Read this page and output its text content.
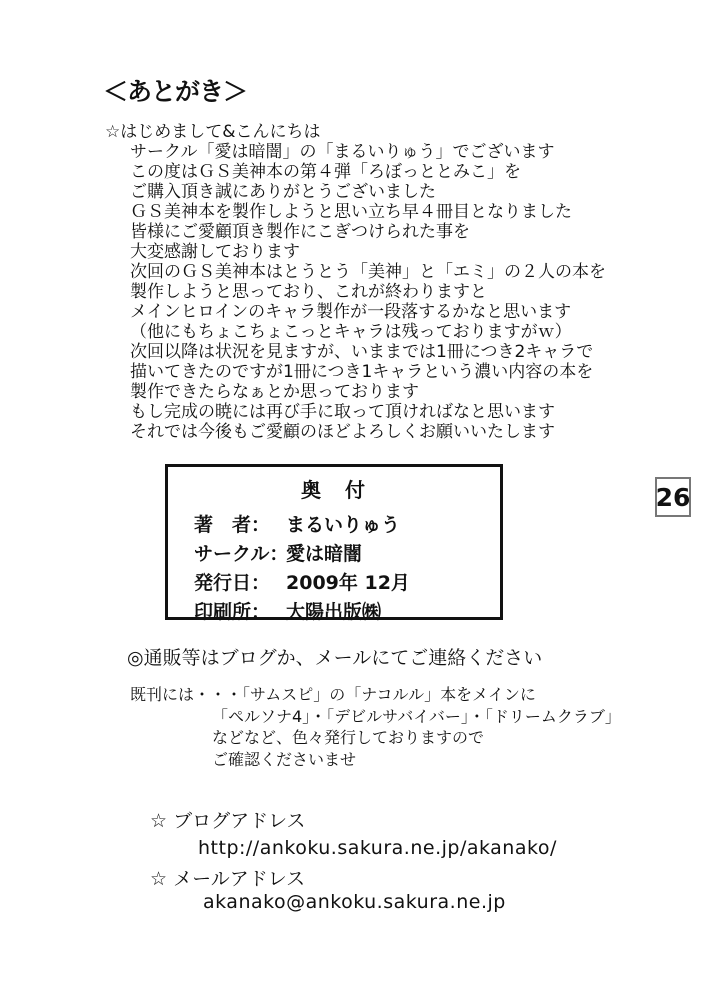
＜あとがき＞
☆はじめまして&こんにちは
サークル「愛は暗闇」の「まるいりゅう」でございます
この度はＧＳ美神本の第４弾「ろぼっととみこ」を
ご購入頂き誠にありがとうございました
ＧＳ美神本を製作しようと思い立ち早４冊目となりました
皆様にご愛顧頂き製作にこぎつけられた事を
大変感謝しております
次回のＧＳ美神本はとうとう「美神」と「エミ」の２人の本を
製作しようと思っており、これが終わりますと
メインヒロインのキャラ製作が一段落するかなと思います
（他にもちょこちょこっとキャラは残っておりますがｗ）
次回以降は状況を見ますが、いままでは1冊につき2キャラで
描いてきたのですが1冊につき1キャラという濃い内容の本を
製作できたらなぁとか思っております
もし完成の暁には再び手に取って頂ければなと思います
それでは今後もご愛顧のほどよろしくお願いいたします
奥　付
著　者： まるいりゅう
サークル：
愛は暗闇
発行日： 2009年 12月
印刷所： 大陽出版㈱
26
◎通販等はブログか、メールにてご連絡ください
既刊には・・・「サムスピ」の「ナコルル」本をメインに
「ペルソナ4」・「デビルサバイバー」・「ドリームクラブ」
などなど、色々発行しておりますので
ご確認くださいませ
☆ ブログアドレス
http://ankoku.sakura.ne.jp/akanako/
☆ メールアドレス
akanako@ankoku.sakura.ne.jp
